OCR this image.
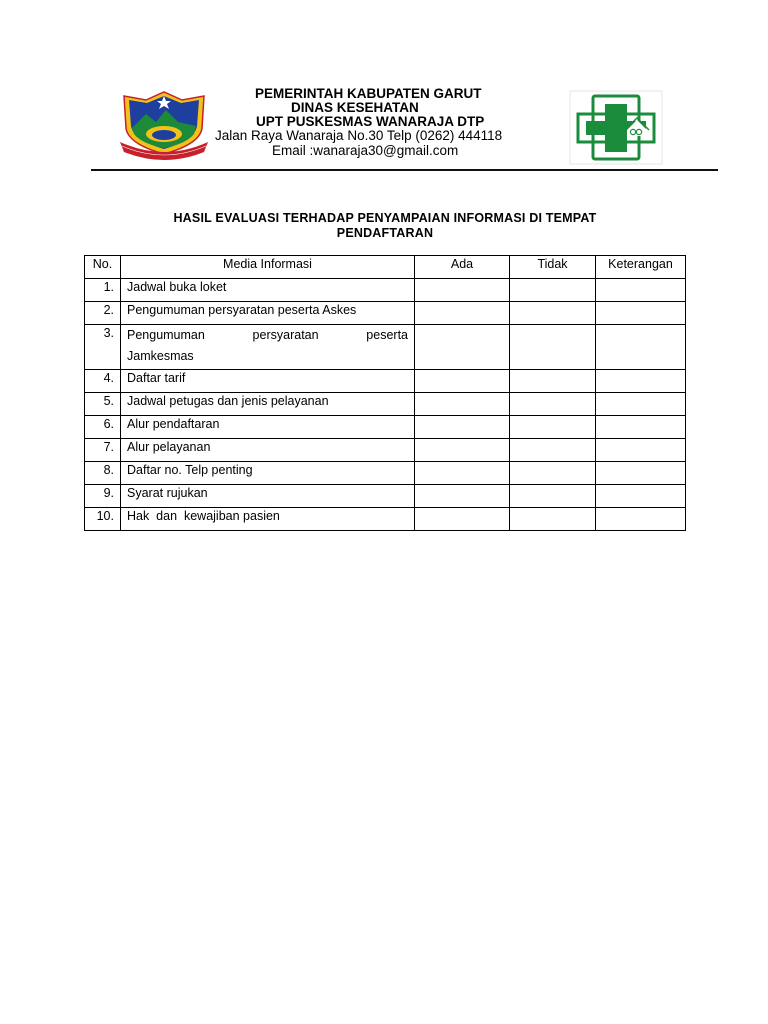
PEMERINTAH KABUPATEN GARUT
DINAS KESEHATAN
UPT PUSKESMAS WANARAJA DTP
Jalan Raya Wanaraja No.30 Telp (0262) 444118
Email :wanaraja30@gmail.com
HASIL EVALUASI TERHADAP PENYAMPAIAN INFORMASI DI TEMPAT
PENDAFTARAN
No.	Media Informasi	Ada	Tidak	Keterangan
1.	Jadwal buka loket			
2.	Pengumuman persyaratan peserta Askes			
3.	Pengumuman persyaratan peserta
Jamkesmas			
4.	Daftar tarif			
5.	Jadwal petugas dan jenis pelayanan			
6.	Alur pendaftaran			
7.	Alur pelayanan			
8.	Daftar no. Telp penting			
9.	Syarat rujukan			
10.	Hak  dan  kewajiban pasien			
